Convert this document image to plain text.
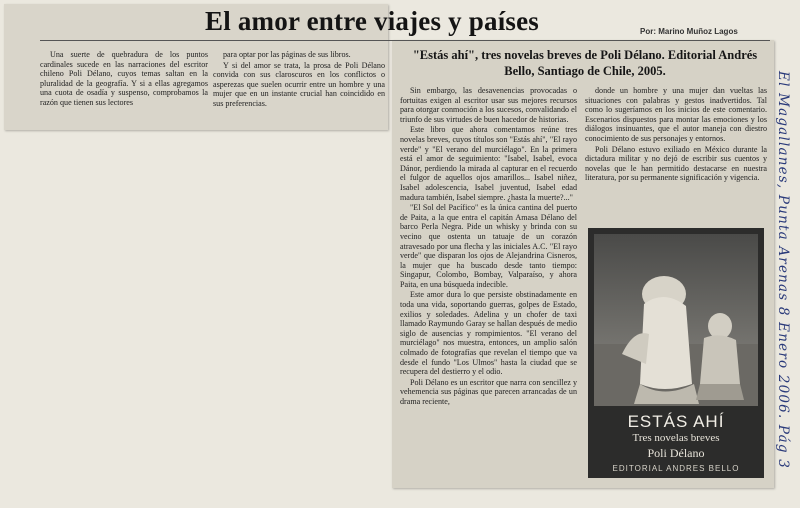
El amor entre viajes y países	Por: Marino Muñoz Lagos

Una suerte de quebradura de los puntos cardinales sucede en las narraciones del escritor chileno Poli Délano, cuyos temas saltan en la pluralidad de la geografía. Y si a ellas agregamos una cuota de osadía y suspenso, comprobamos la razón que tienen sus lectores

para optar por las páginas de sus libros.

Y si del amor se trata, la prosa de Poli Délano convida con sus claroscuros en los conflictos o asperezas que suelen ocurrir entre un hombre y una mujer que en un instante crucial han coincidido en sus preferencias.

"Estás ahí", tres novelas breves de Poli Délano. Editorial Andrés Bello, Santiago de Chile, 2005.

Sin embargo, las desavenencias provocadas o fortuitas exigen al escritor usar sus mejores recursos para otorgar conmoción a los sucesos, convalidando el triunfo de sus virtudes de buen hacedor de historias.

Este libro que ahora comentamos reúne tres novelas breves, cuyos títulos son "Estás ahí", "El rayo verde" y "El verano del murciélago". En la primera está el amor de seguimiento: "Isabel, Isabel, evoca Dánor, perdiendo la mirada al capturar en el recuerdo el fulgor de aquellos ojos amarillos... Isabel niñez, Isabel adolescencia, Isabel juventud, Isabel edad madura también, Isabel siempre. ¿hasta la muerte?..."

"El Sol del Pacífico" es la única cantina del puerto de Paita, a la que entra el capitán Amasa Délano del barco Perla Negra. Pide un whisky y brinda con su vecino que ostenta un tatuaje de un corazón atravesado por una flecha y las iniciales A.C. "El rayo verde" que disparan los ojos de Alejandrina Cisneros, la mujer que ha buscado desde tanto tiempo: Singapur, Colombo, Bombay, Valparaíso, y ahora Paita, en una búsqueda indecible.

Este amor dura lo que persiste obstinadamente en toda una vida, soportando guerras, golpes de Estado, exilios y soledades. Adelina y un chofer de taxi llamado Raymundo Garay se hallan después de medio siglo de ausencias y rompimientos. "El verano del murciélago" nos muestra, entonces, un amplio salón colmado de fotografías que revelan el tiempo que va desde el fundo "Los Ulmos" hasta la ciudad que se recupera del destierro y el odio.

Poli Délano es un escritor que narra con sencillez y vehemencia sus páginas que parecen arrancadas de un drama reciente,

donde un hombre y una mujer dan vueltas las situaciones con palabras y gestos inadvertidos. Tal como lo sugeríamos en los inicios de este comentario. Escenarios dispuestos para montar las emociones y los diálogos insinuantes, que el autor maneja con diestro conocimiento de sus personajes y entornos.

Poli Délano estuvo exiliado en México durante la dictadura militar y no dejó de escribir sus cuentos y novelas que le han permitido destacarse en nuestra literatura, por su permanente significación y vigencia.

ESTÁS AHÍ
Tres novelas breves
Poli Délano
EDITORIAL ANDRES BELLO	El Magallanes, Punta Arenas 8 Enero 2006. Pág 3
